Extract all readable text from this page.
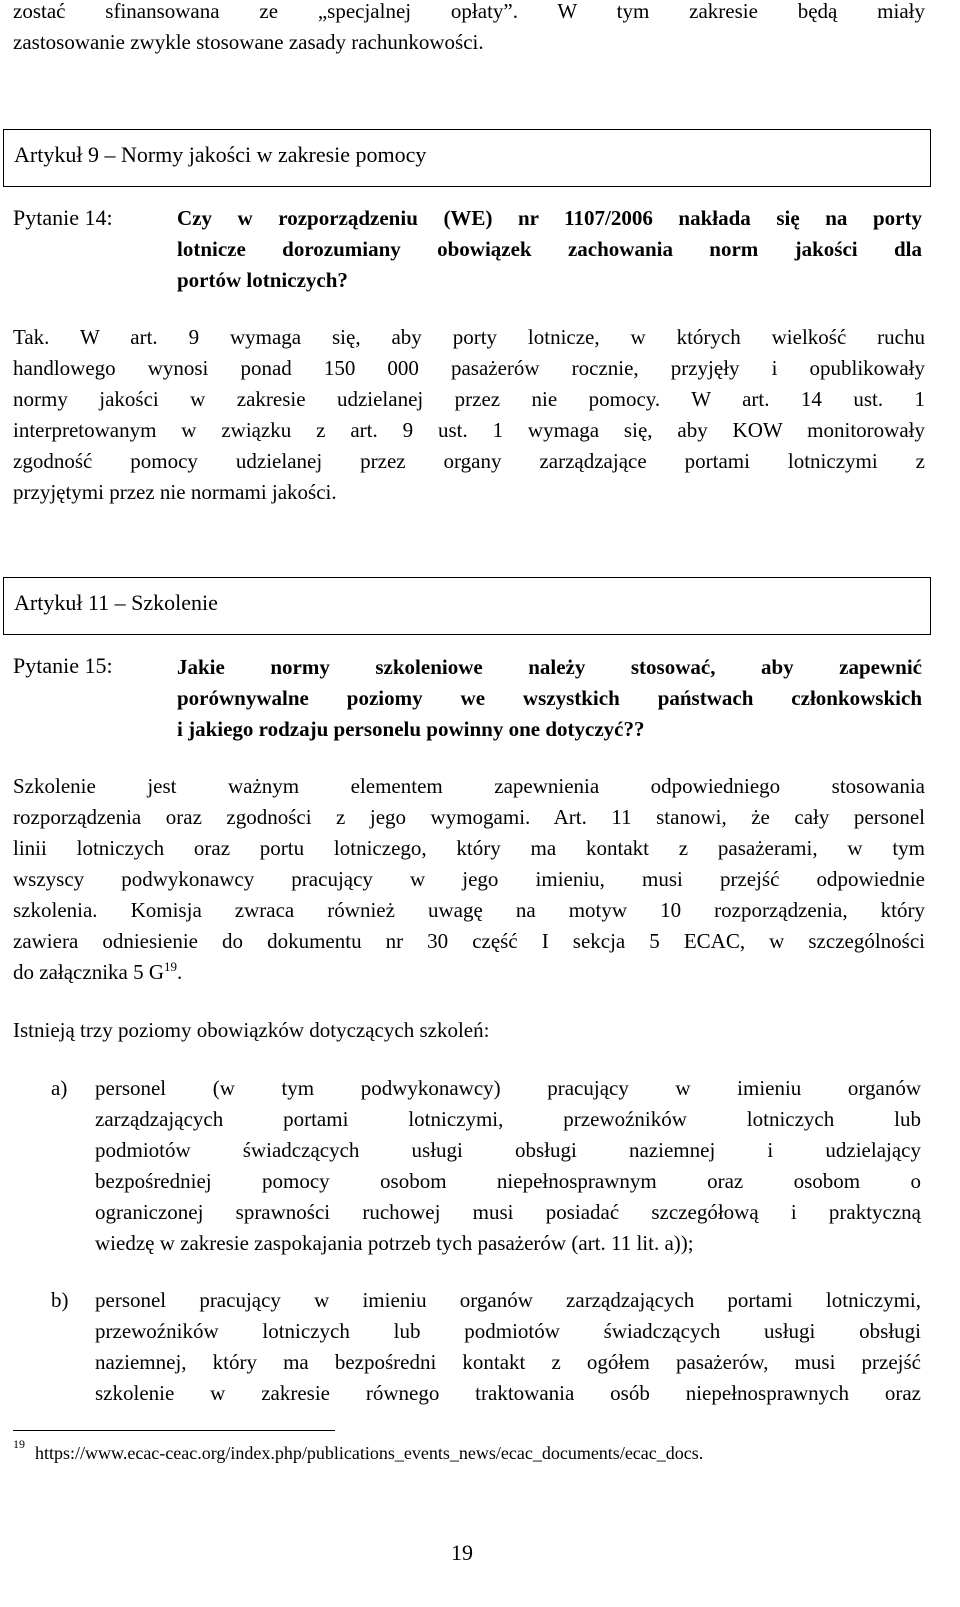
zostać sfinansowana ze „specjalnej opłaty”. W tym zakresie będą miały
zastosowanie zwykle stosowane zasady rachunkowości.
Artykuł 9 – Normy jakości w zakresie pomocy
Pytanie 14:	Czy w rozporządzeniu (WE) nr 1107/2006 nakłada się na porty
lotnicze dorozumiany obowiązek zachowania norm jakości dla
portów lotniczych?
Tak. W art. 9 wymaga się, aby porty lotnicze, w których wielkość ruchu
handlowego wynosi ponad 150 000 pasażerów rocznie, przyjęły i opublikowały
normy jakości w zakresie udzielanej przez nie pomocy. W art. 14 ust. 1
interpretowanym w związku z art. 9 ust. 1 wymaga się, aby KOW monitorowały
zgodność pomocy udzielanej przez organy zarządzające portami lotniczymi z
przyjętymi przez nie normami jakości.
Artykuł 11 – Szkolenie
Pytanie 15:	Jakie normy szkoleniowe należy stosować, aby zapewnić
porównywalne poziomy we wszystkich państwach członkowskich
i jakiego rodzaju personelu powinny one dotyczyć??
Szkolenie jest ważnym elementem zapewnienia odpowiedniego stosowania
rozporządzenia oraz zgodności z jego wymogami. Art. 11 stanowi, że cały personel
linii lotniczych oraz portu lotniczego, który ma kontakt z pasażerami, w tym
wszyscy podwykonawcy pracujący w jego imieniu, musi przejść odpowiednie
szkolenia. Komisja zwraca również uwagę na motyw 10 rozporządzenia, który
zawiera odniesienie do dokumentu nr 30 część I sekcja 5 ECAC, w szczególności
do załącznika 5 $G^{19}$.
Istnieją trzy poziomy obowiązków dotyczących szkoleń:
a) personel (w tym podwykonawcy) pracujący w imieniu organów
zarządzających portami lotniczymi, przewoźników lotniczych lub
podmiotów świadczących usługi obsługi naziemnej i udzielający
bezpośredniej pomocy osobom niepełnosprawnym oraz osobom o
ograniczonej sprawności ruchowej musi posiadać szczegółową i praktyczną
wiedzę w zakresie zaspokajania potrzeb tych pasażerów (art. 11 lit. a));
b) personel pracujący w imieniu organów zarządzających portami lotniczymi,
przewoźników lotniczych lub podmiotów świadczących usługi obsługi
naziemnej, który ma bezpośredni kontakt z ogółem pasażerów, musi przejść
szkolenie w zakresie równego traktowania osób niepełnosprawnych oraz
19 https://www.ecac-ceac.org/index.php/publications_events_news/ecac_documents/ecac_docs.
19
